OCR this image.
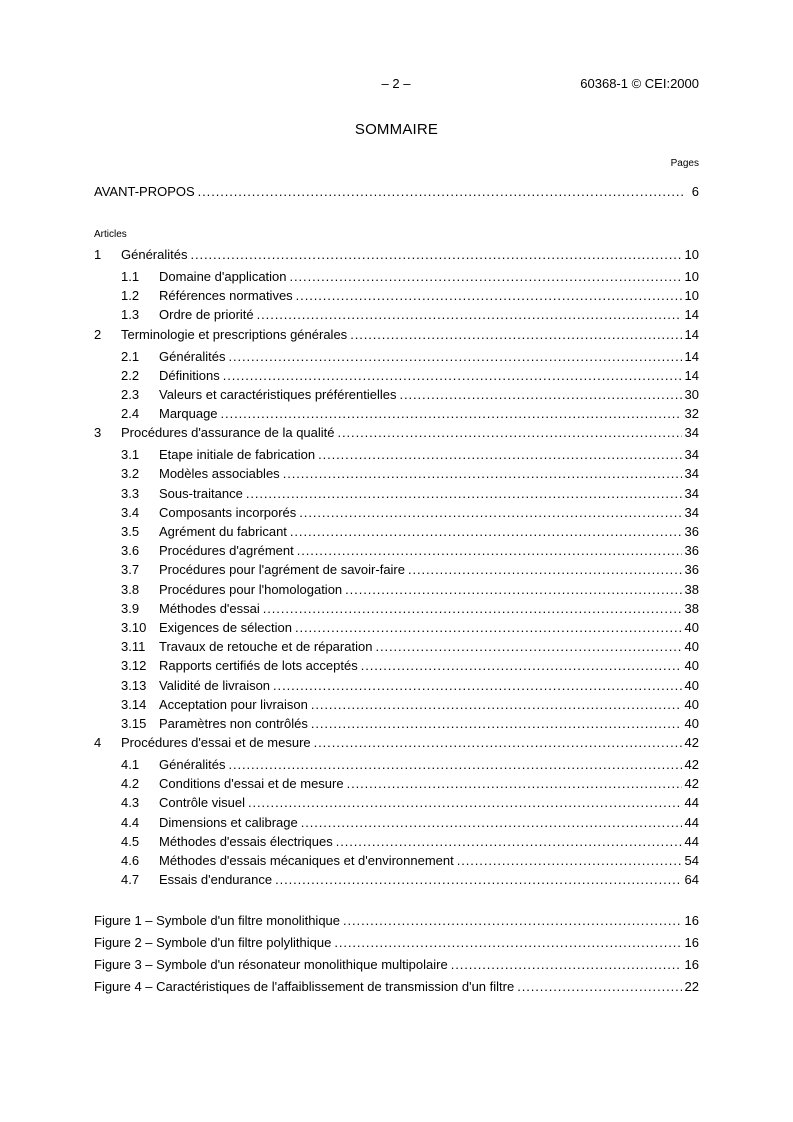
– 2 –	60368-1 © CEI:2000
SOMMAIRE
Pages
AVANT-PROPOS .....	6
Articles
1	Généralités .....	10
1.1	Domaine d'application .....	10
1.2	Références normatives .....	10
1.3	Ordre de priorité .....	14
2	Terminologie et prescriptions générales .....	14
2.1	Généralités .....	14
2.2	Définitions .....	14
2.3	Valeurs et caractéristiques préférentielles .....	30
2.4	Marquage .....	32
3	Procédures d'assurance de la qualité .....	34
3.1	Etape initiale de fabrication .....	34
3.2	Modèles associables .....	34
3.3	Sous-traitance .....	34
3.4	Composants incorporés .....	34
3.5	Agrément du fabricant .....	36
3.6	Procédures d'agrément .....	36
3.7	Procédures pour l'agrément de savoir-faire .....	36
3.8	Procédures pour l'homologation .....	38
3.9	Méthodes d'essai .....	38
3.10 Exigences de sélection .....	40
3.11	Travaux de retouche et de réparation .....	40
3.12 Rapports certifiés de lots acceptés .....	40
3.13 Validité de livraison .....	40
3.14 Acceptation pour livraison .....	40
3.15 Paramètres non contrôlés .....	40
4	Procédures d'essai et de mesure .....	42
4.1	Généralités .....	42
4.2	Conditions d'essai et de mesure .....	42
4.3	Contrôle visuel .....	44
4.4	Dimensions et calibrage .....	44
4.5	Méthodes d'essais électriques .....	44
4.6	Méthodes d'essais mécaniques et d'environnement .....	54
4.7	Essais d'endurance .....	64
Figure 1 – Symbole d'un filtre monolithique .....	16
Figure 2 – Symbole d'un filtre polylithique .....	16
Figure 3 – Symbole d'un résonateur monolithique multipolaire .....	16
Figure 4 – Caractéristiques de l'affaiblissement de transmission d'un filtre .....	22
